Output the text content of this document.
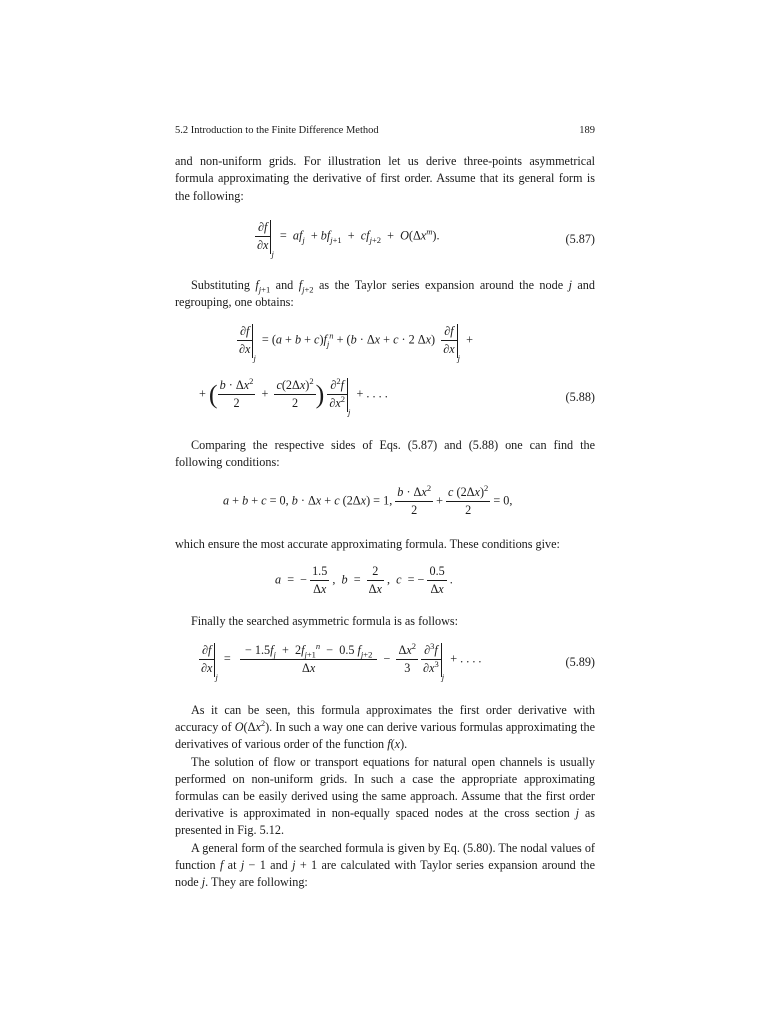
5.2 Introduction to the Finite Difference Method	189

and non-uniform grids. For illustration let us derive three-points asymmetrical formula approximating the derivative of first order. Assume that its general form is the following:

$\frac{\partial f}{\partial x} _j = af_j + bf_{j+1} + cf_{j+2} + O(\Delta x^m)$.	(5.87)

Substituting $f_{j+1}$ and $f_{j+2}$ as the Taylor series expansion around the node j and regrouping, one obtains:

$\frac{\partial f}{\partial x} _j = (a + b + c)f_j^n + (b \cdot \Delta x + c \cdot 2$ $\Delta x) \frac{\partial f}{\partial x} _j$  +
+ ( $\frac{b \cdot \Delta x^2}{2} + \frac{c(2\Delta x)^2}{2}$ ) $\frac{\partial^2f}{\partial x^2} _j$  + . . . .	(5.88)

Comparing the respective sides of Eqs. (5.87) and (5.88) one can find the following conditions:

a + b + c = 0, b · Δx + c (2Δx) = 1, $\frac{b \cdot \Delta x^2}{2} + \frac{c (2\Delta x)^2}{2} = 0$,

which ensure the most accurate approximating formula. These conditions give:

a  =  − $\frac{1.5}{\Delta x}$ ,  $b = \frac{2}{\Delta x}$ ,  c  = − $\frac{0.5}{\Delta x}$ .

Finally the searched asymmetric formula is as follows:

$\frac{\partial f}{\partial x} _j = \frac{- 1.5f_j + 2f_{j+1}^n - 0.5 f_{j+2}}{\Delta x} - \frac{\Delta x^2}{3}$
$\frac{\partial^3f}{\partial x^3} _j$  + . . . .	(5.89)

As it can be seen, this formula approximates the first order derivative with accuracy of $O(\Delta x^2)$. In such a way one can derive various formulas approximating the derivatives of various order of the function f(x).

The solution of flow or transport equations for natural open channels is usually performed on non-uniform grids. In such a case the appropriate approximating formulas can be easily derived using the same approach. Assume that the first order derivative is approximated in non-equally spaced nodes at the cross section j as presented in Fig. 5.12.

A general form of the searched formula is given by Eq. (5.80). The nodal values of function f at j − 1 and j + 1 are calculated with Taylor series expansion around the node j. They are following:
